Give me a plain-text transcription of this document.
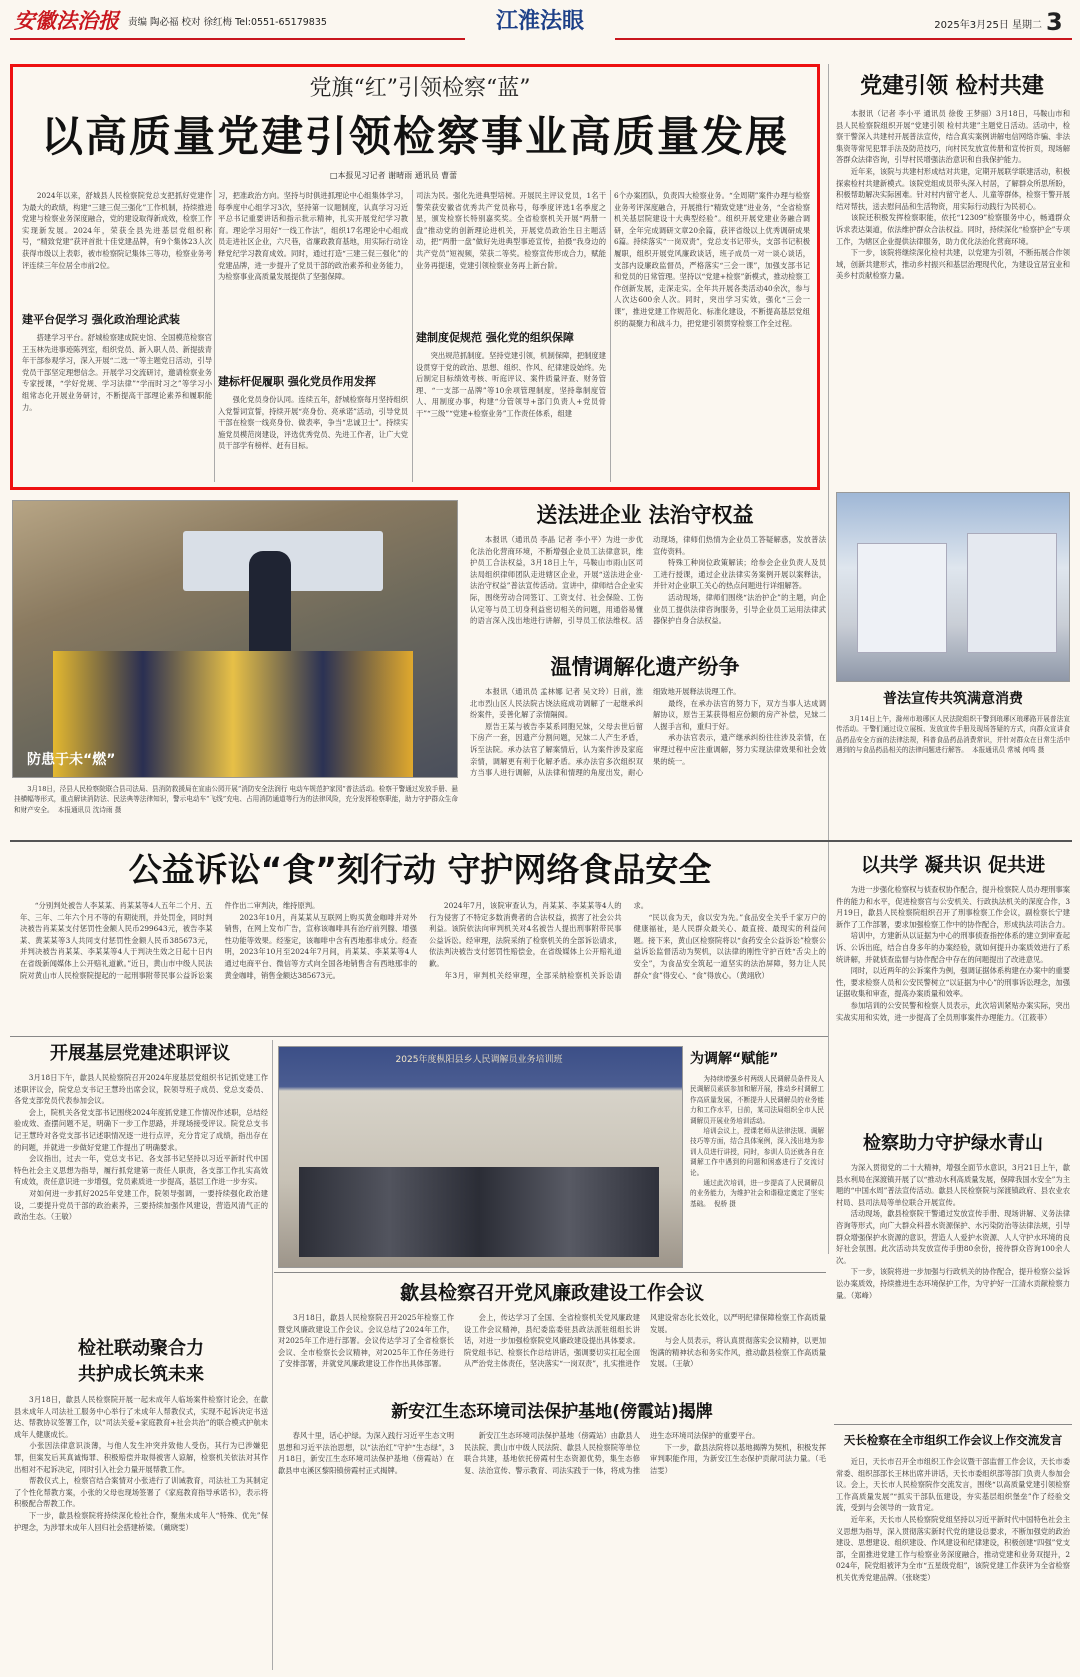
安徽法治报 责编 陶必福 校对 徐红梅 Tel:0551-65179835	江淮法眼	2025年3月25日 星期二 3
党旗“红”引领检察“蓝”
以高质量党建引领检察事业高质量发展
□本报见习记者 谢晴雨 通讯员 曹蕾
　　2024年以来，舒城县人民检察院党总支把抓好党建作为最大的政绩，构建“三建三促三强化”工作机制，持续推进党建与检察业务深度融合，党的建设取得新成效，检察工作实现新发展。2024年，荣获全县先进基层党组织称号，“精致党建”获评首批十佳党建品牌，有9个集体23人次获得市级以上表彰，被市检察院记集体三等功，检察业务考评连续三年位居全市前2位。
建平台促学习 强化政治理论武装
　　搭建学习平台。舒城检察建成院史馆、全国模范检察官王玉林先进事迹陈列室，组织党员、新入职人员、新提拔青年干部参观学习，深入开展“二选一”等主题党日活动，引导党员干部坚定理想信念。开展学习交流研讨，邀请检察业务专家授课，“学好党规、学习法律”“学而时习之”等学习小组常态化开展业务研讨，不断提高干部理论素养和履职能力。
习，把准政治方向。坚持与时俱进抓理论中心组集体学习，每季度中心组学习3次，坚持第一议题制度，认真学习习近平总书记重要讲话和指示批示精神，扎实开展党纪学习教育。理论学习用好“一线工作法”，组织17名理论中心组成员走进社区企业，六尺巷，省廉政教育基地，用实际行动诠释党纪学习教育成效。同时，通过打造“三建三促三强化”的党建品牌，进一步提升了党员干部的政治素养和业务能力，为检察事业高质量发展提供了坚强保障。
建标杆促履职 强化党员作用发挥
　　强化党员身份认同。连续五年，舒城检察每月坚持组织入党誓词宣誓，持续开展“亮身份、亮承诺”活动，引导党员干部在检察一线亮身份、做表率，争当“忠诚卫士”。持续实施党员模范岗建设，评选优秀党员、先进工作者，让广大党员干部学有榜样、赶有目标。
司法为民。强化先进典型培树。开展民主评议党员，1名干警荣获安徽省优秀共产党员称号，每季度评选1名季度之星，颁发检察长特别嘉奖奖。全省检察机关开展“两册一盘”推动党的创新理论进机关，开展党员政治生日主题活动，把“两册一盘”做好先进典型事迹宣传，拍摄“我身边的共产党员”短视频，荣获二等奖。检察宣传形成合力，赋能业务再提速，党建引领检察业务再上新台阶。
建制度促规范 强化党的组织保障
　　突出规范抓制度。坚持党建引领，机制保障，把制度建设贯穿于党的政治、思想、组织、作风、纪律建设始终。先后制定目标绩效考核、听庭评议、案件质量评查、财务管理、“一支部一品牌”等10余项管理制度，坚持靠制度管人、用制度办事，构建“分管领导+部门负责人+党员骨干”“三级”“党建+检察业务”工作责任体系，组建
6个办案团队，负责四大检察业务。“全周期”案件办理与检察业务考评深度融合，开展推行“精致党建”进业务，“全省检察机关基层院建设十大典型经验”。组织开展党建业务融合调研，全年完成调研文章20余篇，获评省级以上优秀调研成果6篇。持续落实“一岗双责”，党总支书记带头，支部书记积极履职，组织开展党风廉政谈话，班子成员一对一谈心谈话，支部内设廉政监督员，严格落实“三会一课”，加强支部书记和党员的日常管理。坚持以“党建+检察”新模式，推动检察工作创新发展，走深走实。全年共开展各类活动40余次，参与人次达600余人次。同时，突出学习实效，强化“三会一课”，推进党建工作规范化、标准化建设，不断提高基层党组织的凝聚力和战斗力，把党建引领贯穿检察工作全过程。
党建引领 检村共建
　　本报讯（记者 李小平 通讯员 徐俊 王梦丽）3月18日，马鞍山市和县人民检察院组织开展“党建引领 检村共建”主题党日活动。活动中，检察干警深入共建村开展普法宣传，结合真实案例讲解电信网络诈骗、非法集资等常见犯罪手法及防范技巧，向村民发放宣传册和宣传折页，现场解答群众法律咨询，引导村民增强法治意识和自我保护能力。
　　近年来，该院与共建村形成结对共建，定期开展联学联建活动，积极探索检村共建新模式。该院党组成员带头深入村居，了解群众所思所盼，积极帮助解决实际困难。针对村内留守老人、儿童等群体，检察干警开展结对帮扶，送去慰问品和生活物资，用实际行动践行为民初心。
　　该院还积极发挥检察职能，依托“12309”检察服务中心，畅通群众诉求表达渠道，依法维护群众合法权益。同时，持续深化“检察护企”专项工作，为辖区企业提供法律服务，助力优化法治化营商环境。
　　下一步，该院将继续深化检村共建，以党建为引领，不断拓展合作领域，创新共建形式，推动乡村振兴和基层治理现代化，为建设宜居宜业和美乡村贡献检察力量。
防患于未“燃”
　　3月18日，泾县人民检察院联合县司法局、县消防救援局在宣庙公园开展“消防安全法润行 电动车规范护家园”普法活动。检察干警通过发放手册、悬挂横幅等形式，重点解读消防法、民法典等法律知识，警示电动车“飞线”充电、占用消防通道等行为的法律风险，充分发挥检察职能，助力守护群众生命和财产安全。  本报通讯员 沈诗雨 摄
送法进企业 法治守权益
　　本报讯（通讯员 李晶 记者 李小平）为进一步优化法治化营商环境，不断增强企业员工法律意识，维护员工合法权益，3月18日上午，马鞍山市雨山区司法局组织律师团队走进辖区企业，开展“送法进企业·法治守权益”普法宣传活动。宣讲中，律师结合企业实际，围绕劳动合同签订、工资支付、社会保险、工伤认定等与员工切身利益密切相关的问题，用通俗易懂的语言深入浅出地进行讲解，引导员工依法维权。活动现场，律师们热情为企业员工答疑解惑，发放普法宣传资料。
　　特殊工种岗位政策解读；给参会企业负责人及员工进行授课，通过企业法律实务案例开展以案释法，并针对企业职工关心的热点问题进行详细解答。
　　活动现场，律师们围绕“法治护企”的主题，向企业员工提供法律咨询服务，引导企业员工运用法律武器保护自身合法权益。
温情调解化遗产纷争
　　本报讯（通讯员 孟林娜 记者 吴文玲）日前，淮北市烈山区人民法院古饶法庭成功调解了一起继承纠纷案件，妥善化解了亲情隔阂。
　　原告王某与被告李某系同胞兄妹，父母去世后留下房产一套，因遗产分割问题，兄妹二人产生矛盾，诉至法院。承办法官了解案情后，认为案件涉及家庭亲情，调解更有利于化解矛盾。承办法官多次组织双方当事人进行调解，从法律和情理的角度出发，耐心细致地开展释法说理工作。
　　最终，在承办法官的努力下，双方当事人达成调解协议，原告王某获得相应份额的房产补偿，兄妹二人握手言和，重归于好。
　　承办法官表示，遗产继承纠纷往往涉及亲情，在审理过程中应注重调解，努力实现法律效果和社会效果的统一。
普法宣传共筑满意消费
　　3月14日上午，滁州市琅琊区人民法院组织干警到琅琊区琅琊路开展普法宣传活动。干警们通过设立展板、发放宣传手册及现场答疑的方式，向群众宣讲食品药品安全方面的法律法规，科普食品药品消费常识，并针对群众在日常生活中遇到的与食品药品相关的法律问题进行解答。  本报通讯员 常城 何鸣 摄
公益诉讼“食”刻行动 守护网络食品安全
　　“分别判处被告人李某某、肖某某等4人五年二个月、五年、三年、二年六个月不等的有期徒刑，并处罚金，同时判决被告肖某某支付惩罚性金额人民币299643元，被告李某某、黄某某等3人共同支付惩罚性金额人民币385673元，并判决被告肖某某、李某某等4人于判决生效之日起十日内在省级新闻媒体上公开赔礼道歉。”近日，黄山市中级人民法院对黄山市人民检察院提起的一起刑事附带民事公益诉讼案件作出二审判决，维持原判。
　　2023年10月，肖某某从互联网上购买黄金咖啡并对外销售，在网上发布广告，宣称该咖啡具有治疗前列腺、增强性功能等效果。经鉴定，该咖啡中含有西地那非成分。经查明，2023年10月至2024年7月间，肖某某、李某某等4人通过电商平台、微信等方式向全国各地销售含有西地那非的黄金咖啡，销售金额达385673元。
　　2024年7月，该院审查认为，肖某某、李某某等4人的行为侵害了不特定多数消费者的合法权益，损害了社会公共利益。该院依法向审判机关对4名被告人提出刑事附带民事公益诉讼。经审理，法院采纳了检察机关的全部诉讼请求，依法判决被告支付惩罚性赔偿金，在省级媒体上公开赔礼道歉。
　　年3月，审判机关经审理，全部采纳检察机关诉讼请求。
　　“民以食为天，食以安为先。”食品安全关乎千家万户的健康福祉，是人民群众最关心、最直接、最现实的利益问题。接下来，黄山区检察院将以“食药安全公益诉讼”检察公益诉讼监督活动为契机，以法律的刚性守护百姓“舌尖上的安全”，为食品安全筑起一道坚实的法治屏障，努力让人民群众“食”得安心、“食”得放心。（黄翊欣）
以共学 凝共识 促共进
　　为进一步强化检察权与侦查权协作配合，提升检察院人员办理刑事案件的能力和水平，促进检察官与公安机关、行政执法机关的深度合作，3月19日，歙县人民检察院组织召开了刑事检察工作会议，副检察长宁建新作了工作部署，要求加强检察工作中的协作配合，形成执法司法合力。
　　培训中，方建新从以证据为中心的刑事侦查指控体系的建立到审查起诉、公诉出庭，结合自身多年的办案经验，就如何提升办案质效进行了系统讲解，并就侦查监督与协作配合中存在的问题提出了改进意见。
　　同时，以近两年的公诉案件为例，强调证据体系构建在办案中的重要性，要求检察人员和公安民警树立“以证据为中心”的刑事诉讼理念，加强证据收集和审查，提高办案质量和效率。
　　参加培训的公安民警和检察人员表示，此次培训紧贴办案实际，突出实战实用和实效，进一步提高了全员刑事案件办理能力。（江筱菲）
开展基层党建述职评议
　　3月18日下午，歙县人民检察院召开2024年度基层党组织书记抓党建工作述职评议会，院党总支书记王慧玲出席会议，院领导班子成员、党总支委员、各党支部党员代表参加会议。
　　会上，院机关各党支部书记围绕2024年度抓党建工作情况作述职，总结经验成效、查摆问题不足，明确下一步工作思路，并现场接受评议。院党总支书记王慧玲对各党支部书记述职情况逐一进行点评，充分肯定了成绩，指出存在的问题，并就进一步做好党建工作提出了明确要求。
　　会议指出，过去一年，党总支书记、各支部书记坚持以习近平新时代中国特色社会主义思想为指导，履行抓党建第一责任人职责，各支部工作扎实高效有成效，责任意识进一步增强，党员素质进一步提高，基层工作进一步夯实。
　　对如何进一步抓好2025年党建工作，院领导强调，一要持续强化政治建设，二要提升党员干部的政治素养，三要持续加强作风建设，营造风清气正的政治生态。（王敏）
2025年度枞阳县乡人民调解员业务培训班	为调解“赋能”
　　为持续增强乡村两级人民调解员条件及人民调解员素质参加和解开展，推动乡村调解工作高质量发展，不断提升人民调解员的业务能力和工作水平，日前，某司法局组织全市人民调解员开展业务培训活动。
　　培训会议上，授课老师从法律法规、调解技巧等方面，结合具体案例，深入浅出地为参训人员进行讲授，同时，参训人员还就各自在调解工作中遇到的问题和困惑进行了交流讨论。
　　通过此次培训，进一步提高了人民调解员的业务能力，为维护社会和谐稳定奠定了坚实基础。  倪桥 摄
检察助力守护绿水青山
　　为深入贯彻党的二十大精神，增强全面节水意识，3月21日上午，歙县水利局在深渡镇开展了以“推动水利高质量发展，保障我国水安全”为主题的“中国水周”普法宣传活动。歙县人民检察院与深渡镇政府、县农业农村局、县司法局等单位联合开展宣传。
　　活动现场，歙县检察院干警通过发放宣传手册、现场讲解、义务法律咨询等形式，向广大群众科普水资源保护、水污染防治等法律法规，引导群众增强保护水资源的意识，营造人人爱护水资源、人人守护水环境的良好社会氛围。此次活动共发放宣传手册80余份，接待群众咨询100余人次。
　　下一步，该院将进一步加强与行政机关的协作配合，提升检察公益诉讼办案质效，持续推进生态环境保护工作，为守护好一江清水贡献检察力量。（郑峰）
歙县检察召开党风廉政建设工作会议
　　3月18日，歙县人民检察院召开2025年检察工作暨党风廉政建设工作会议。会议总结了2024年工作，对2025年工作进行部署。会议传达学习了全省检察长会议、全市检察长会议精神，对2025年工作任务进行了安排部署，并就党风廉政建设工作作出具体部署。
　　会上，传达学习了全国、全省检察机关党风廉政建设工作会议精神，县纪委监委驻县政法派驻组组长讲话，对进一步加强检察院党风廉政建设提出具体要求。院党组书记、检察长作总结讲话，强调要切实扛起全面从严治党主体责任，坚决落实“一岗双责”，扎实推进作风建设常态化长效化，以严明纪律保障检察工作高质量发展。
　　与会人员表示，将认真贯彻落实会议精神，以更加饱满的精神状态和务实作风，推动歙县检察工作高质量发展。（王敏）
新安江生态环境司法保护基地(傍霞站)揭牌
　　春风十里，话心护绿。为深入践行习近平生态文明思想和习近平法治思想，以“法治红”守护“生态绿”，3月18日，新安江生态环境司法保护基地（傍霞站）在歙县申屯溪区黎阳镇傍霞村正式揭牌。
　　新安江生态环境司法保护基地（傍霞站）由歙县人民法院、黄山市中级人民法院、歙县人民检察院等单位联合共建，基地依托傍霞村生态资源优势，集生态修复、法治宣传、警示教育、司法实践于一体，将成为推进生态环境司法保护的重要平台。
　　下一步，歙县法院将以基地揭牌为契机，积极发挥审判职能作用，为新安江生态保护贡献司法力量。（毛洁雯）
检社联动聚合力
共护成长筑未来
　　3月18日，歙县人民检察院开展一起未成年人临场案件检察讨论会，在歙县未成年人司法社工服务中心举行了未成年人帮教仪式，实现不起诉决定书送达、帮教协议签署工作，以“司法关爱+家庭教育+社会共治”的联合模式护航未成年人健康成长。
　　小张因法律意识淡薄，与他人发生冲突并致他人受伤，其行为已涉嫌犯罪，但案发后其真诚悔罪、积极赔偿并取得被害人谅解，检察机关依法对其作出相对不起诉决定，同时引入社会力量开展帮教工作。
　　帮教仪式上，检察官结合案情对小张进行了训诫教育，司法社工为其制定了个性化帮教方案，小张的父母也现场签署了《家庭教育指导承诺书》，表示将积极配合帮教工作。
　　下一步，歙县检察院将持续深化检社合作，聚焦未成年人“特殊、优先”保护理念，为涉罪未成年人回归社会搭建桥梁。（戴晓雯）
天长检察在全市组织工作会议上作交流发言
　　近日，天长市召开全市组织工作会议暨干部监督工作会议，天长市委常委、组织部部长王林出席并讲话，天长市委组织部等部门负责人参加会议。会上，天长市人民检察院作交流发言，围绕“以高质量党建引领检察工作高质量发展”“抓实干部队伍建设，夯实基层组织堡垒”作了经验交流，受到与会领导的一致肯定。
　　近年来，天长市人民检察院党组坚持以习近平新时代中国特色社会主义思想为指导，深入贯彻落实新时代党的建设总要求，不断加强党的政治建设、思想建设、组织建设、作风建设和纪律建设，积极创建“四强”党支部，全面推进党建工作与检察业务深度融合，推动党建和业务双提升，2024年，院党组被评为全市“五星级党组”，该院党建工作获评为全省检察机关优秀党建品牌。（张晓雯）
